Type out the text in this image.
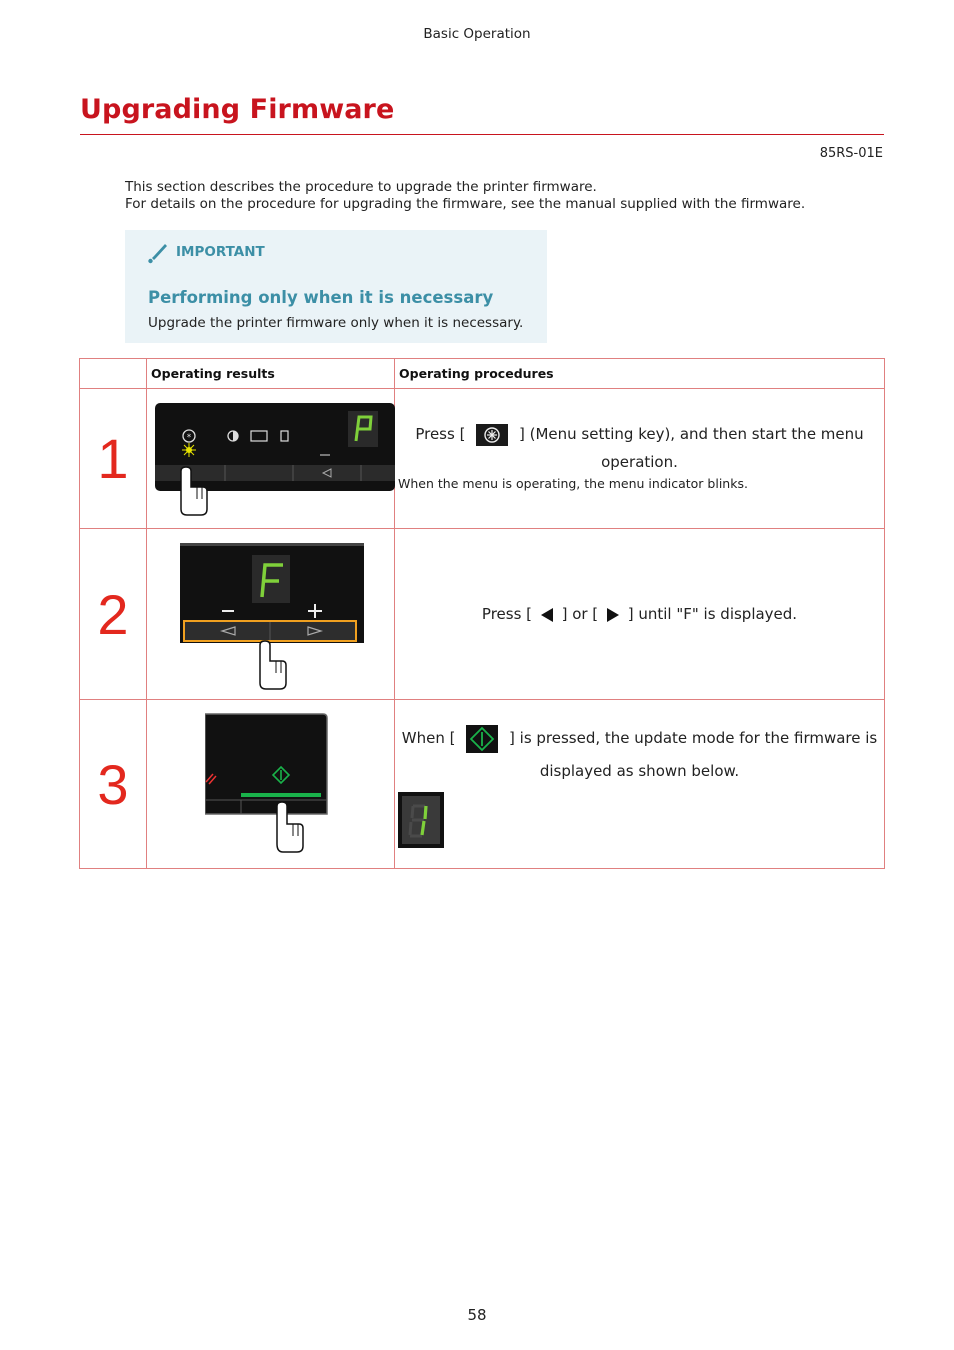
Basic Operation
Upgrading Firmware
85RS-01E
This section describes the procedure to upgrade the printer firmware.
For details on the procedure for upgrading the firmware, see the manual supplied with the firmware.
IMPORTANT
Performing only when it is necessary
Upgrade the printer firmware only when it is necessary.
	Operating results	Operating procedures
1	*	Press [ ] (Menu setting key), and then start the menu operation.
When the menu is operating, the menu indicator blinks.

2		Press [ ] or [ ] until "F" is displayed.

3		When [ ] is pressed, the update mode for the firmware is displayed as shown below.
58
